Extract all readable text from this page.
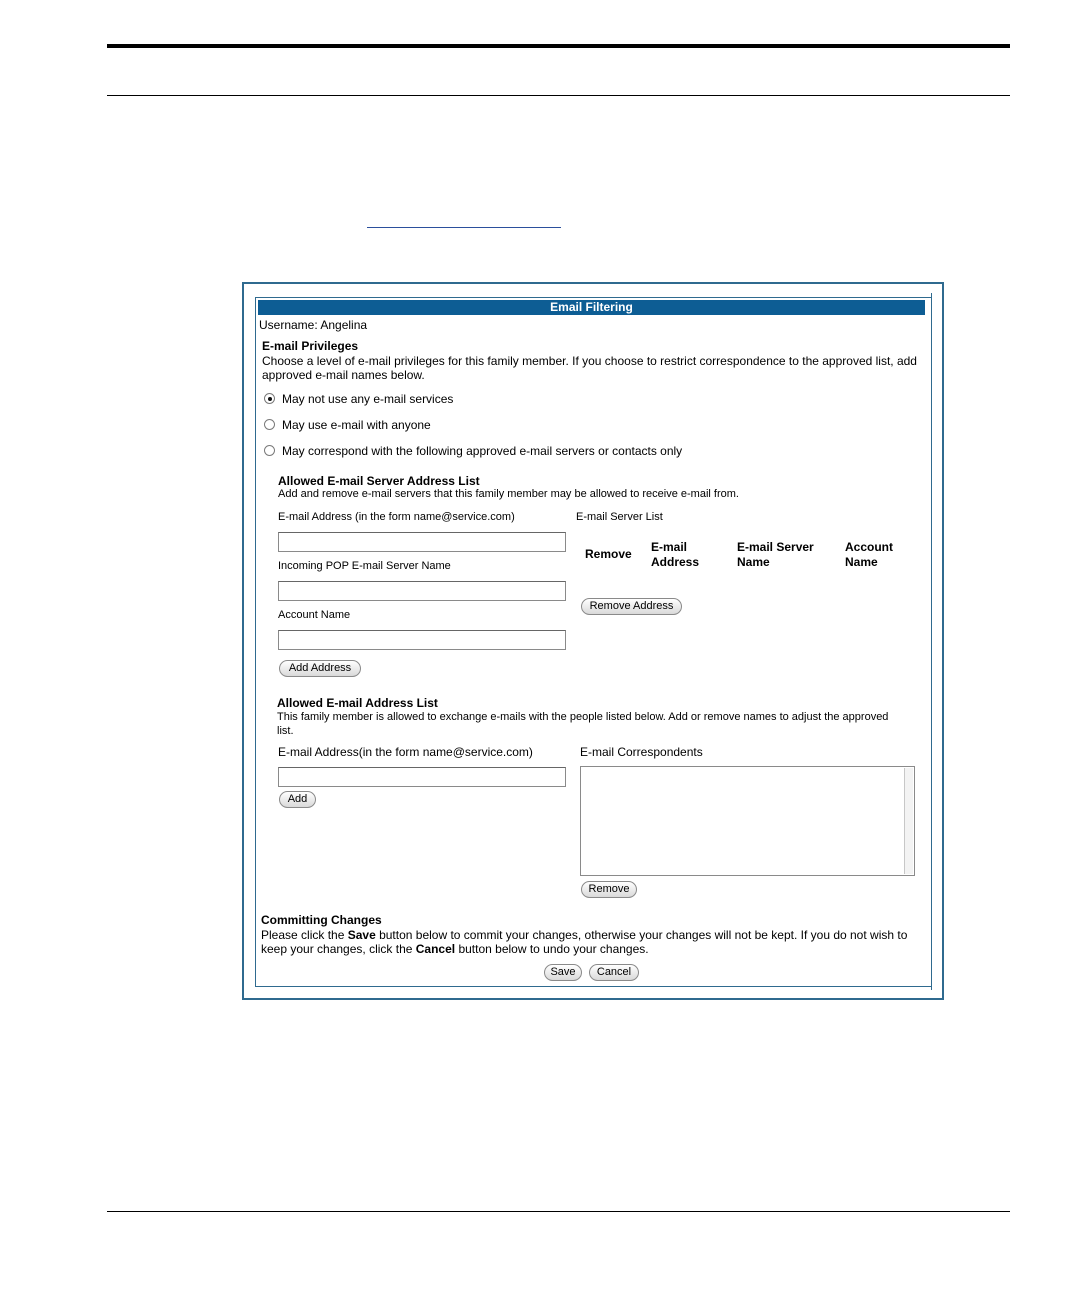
Email Filtering
Username: Angelina
E-mail Privileges
Choose a level of e-mail privileges for this family member. If you choose to restrict correspondence to the approved list, add approved e-mail names below.
May not use any e-mail services
May use e-mail with anyone
May correspond with the following approved e-mail servers or contacts only
Allowed E-mail Server Address List
Add and remove e-mail servers that this family member may be allowed to receive e-mail from.
E-mail Address (in the form name@service.com)
Incoming POP E-mail Server Name
Account Name
Add Address
E-mail Server List
Remove E-mail
Address
E-mail Server
Name
Account
Name
Remove Address
Allowed E-mail Address List
This family member is allowed to exchange e-mails with the people listed below. Add or remove names to adjust the approved list.
E-mail Address(in the form name@service.com)
Add
E-mail Correspondents
Remove
Committing Changes
Please click the Save button below to commit your changes, otherwise your changes will not be kept. If you do not wish to keep your changes, click the Cancel button below to undo your changes.
Save	Cancel
